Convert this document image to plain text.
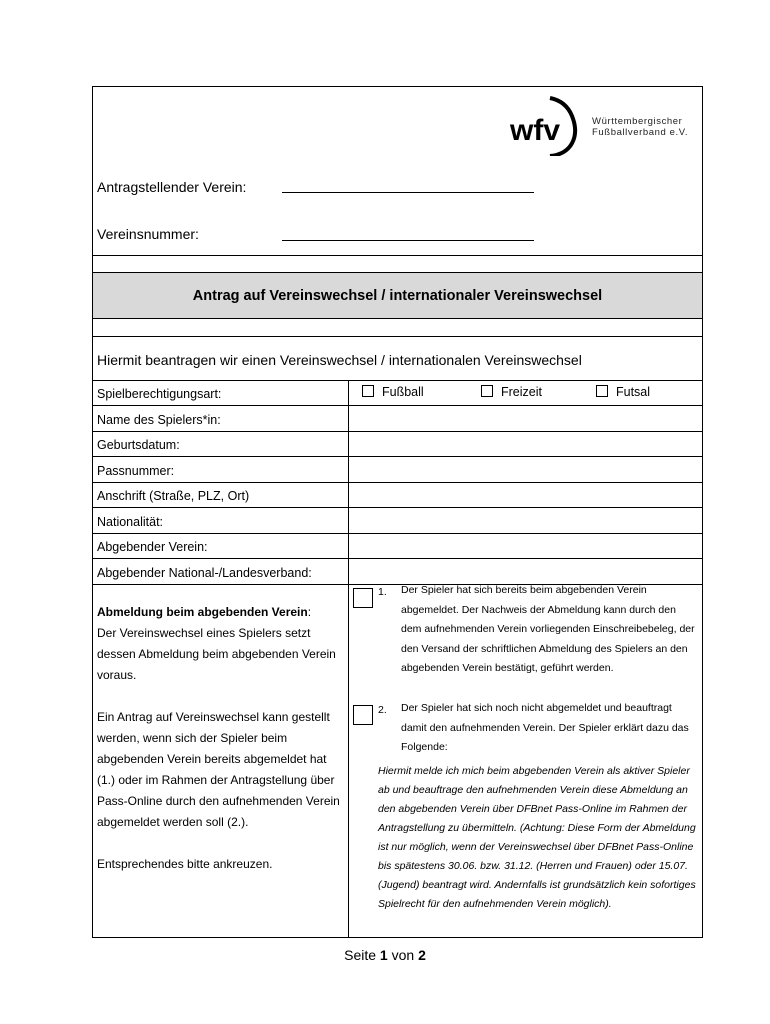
wfv	Württembergischer
Fußballverband e.V.
Antragstellender Verein:
Vereinsnummer:
Antrag auf Vereinswechsel / internationaler Vereinswechsel
Hiermit beantragen wir einen Vereinswechsel / internationalen Vereinswechsel
Spielberechtigungsart:	Fußball	Freizeit	Futsal
Name des Spielers*in:
Geburtsdatum:
Passnummer:
Anschrift (Straße, PLZ, Ort)
Nationalität:
Abgebender Verein:
Abgebender National-/Landesverband:
Abmeldung beim abgebenden Verein:
Der Vereinswechsel eines Spielers setzt dessen Abmeldung beim abgebenden Verein voraus.
Ein Antrag auf Vereinswechsel kann gestellt werden, wenn sich der Spieler beim abgebenden Verein bereits abgemeldet hat (1.) oder im Rahmen der Antragstellung über Pass-Online durch den aufnehmenden Verein abgemeldet werden soll (2.).
Entsprechendes bitte ankreuzen.
1. Der Spieler hat sich bereits beim abgebenden Verein abgemeldet. Der Nachweis der Abmeldung kann durch den dem aufnehmenden Verein vorliegenden Einschreibebeleg, der den Versand der schriftlichen Abmeldung des Spielers an den abgebenden Verein bestätigt, geführt werden.
2. Der Spieler hat sich noch nicht abgemeldet und beauftragt damit den aufnehmenden Verein. Der Spieler erklärt dazu das Folgende:
Hiermit melde ich mich beim abgebenden Verein als aktiver Spieler ab und beauftrage den aufnehmenden Verein diese Abmeldung an den abgebenden Verein über DFBnet Pass-Online im Rahmen der Antragstellung zu übermitteln. (Achtung: Diese Form der Abmeldung ist nur möglich, wenn der Vereinswechsel über DFBnet Pass-Online bis spätestens 30.06. bzw. 31.12. (Herren und Frauen) oder 15.07. (Jugend) beantragt wird. Andernfalls ist grundsätzlich kein sofortiges Spielrecht für den aufnehmenden Verein möglich).
Seite 1 von 2
